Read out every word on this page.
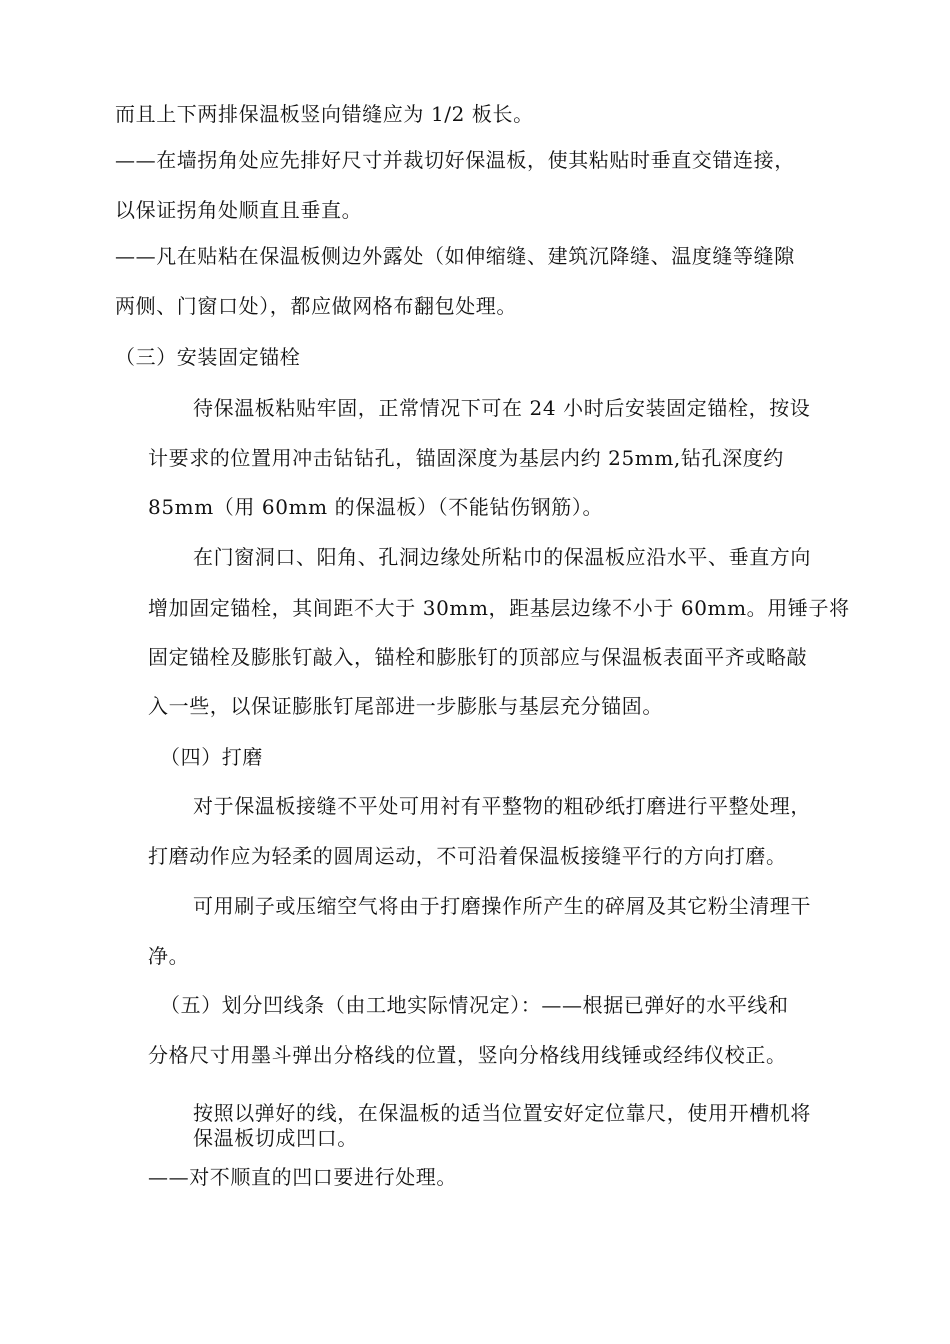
而且上下两排保温板竖向错缝应为 1/2 板长。
——在墙拐角处应先排好尺寸并裁切好保温板，使其粘贴时垂直交错连接，
以保证拐角处顺直且垂直。
——凡在贴粘在保温板侧边外露处（如伸缩缝、建筑沉降缝、温度缝等缝隙
两侧、门窗口处），都应做网格布翻包处理。
（三）安装固定锚栓
待保温板粘贴牢固，正常情况下可在 24 小时后安装固定锚栓，按设
计要求的位置用冲击钻钻孔，锚固深度为基层内约 25mm,钻孔深度约
85mm（用 60mm 的保温板）（不能钻伤钢筋）。
在门窗洞口、阳角、孔洞边缘处所粘巾的保温板应沿水平、垂直方向
增加固定锚栓，其间距不大于 30mm，距基层边缘不小于 60mm。用锤子将
固定锚栓及膨胀钉敲入，锚栓和膨胀钉的顶部应与保温板表面平齐或略敲
入一些，以保证膨胀钉尾部进一步膨胀与基层充分锚固。
（四）打磨
对于保温板接缝不平处可用衬有平整物的粗砂纸打磨进行平整处理，
打磨动作应为轻柔的圆周运动，不可沿着保温板接缝平行的方向打磨。
可用刷子或压缩空气将由于打磨操作所产生的碎屑及其它粉尘清理干
净。
（五）划分凹线条（由工地实际情况定）：——根据已弹好的水平线和
分格尺寸用墨斗弹出分格线的位置，竖向分格线用线锤或经纬仪校正。
按照以弹好的线，在保温板的适当位置安好定位靠尺，使用开槽机将
保温板切成凹口。
——对不顺直的凹口要进行处理。
